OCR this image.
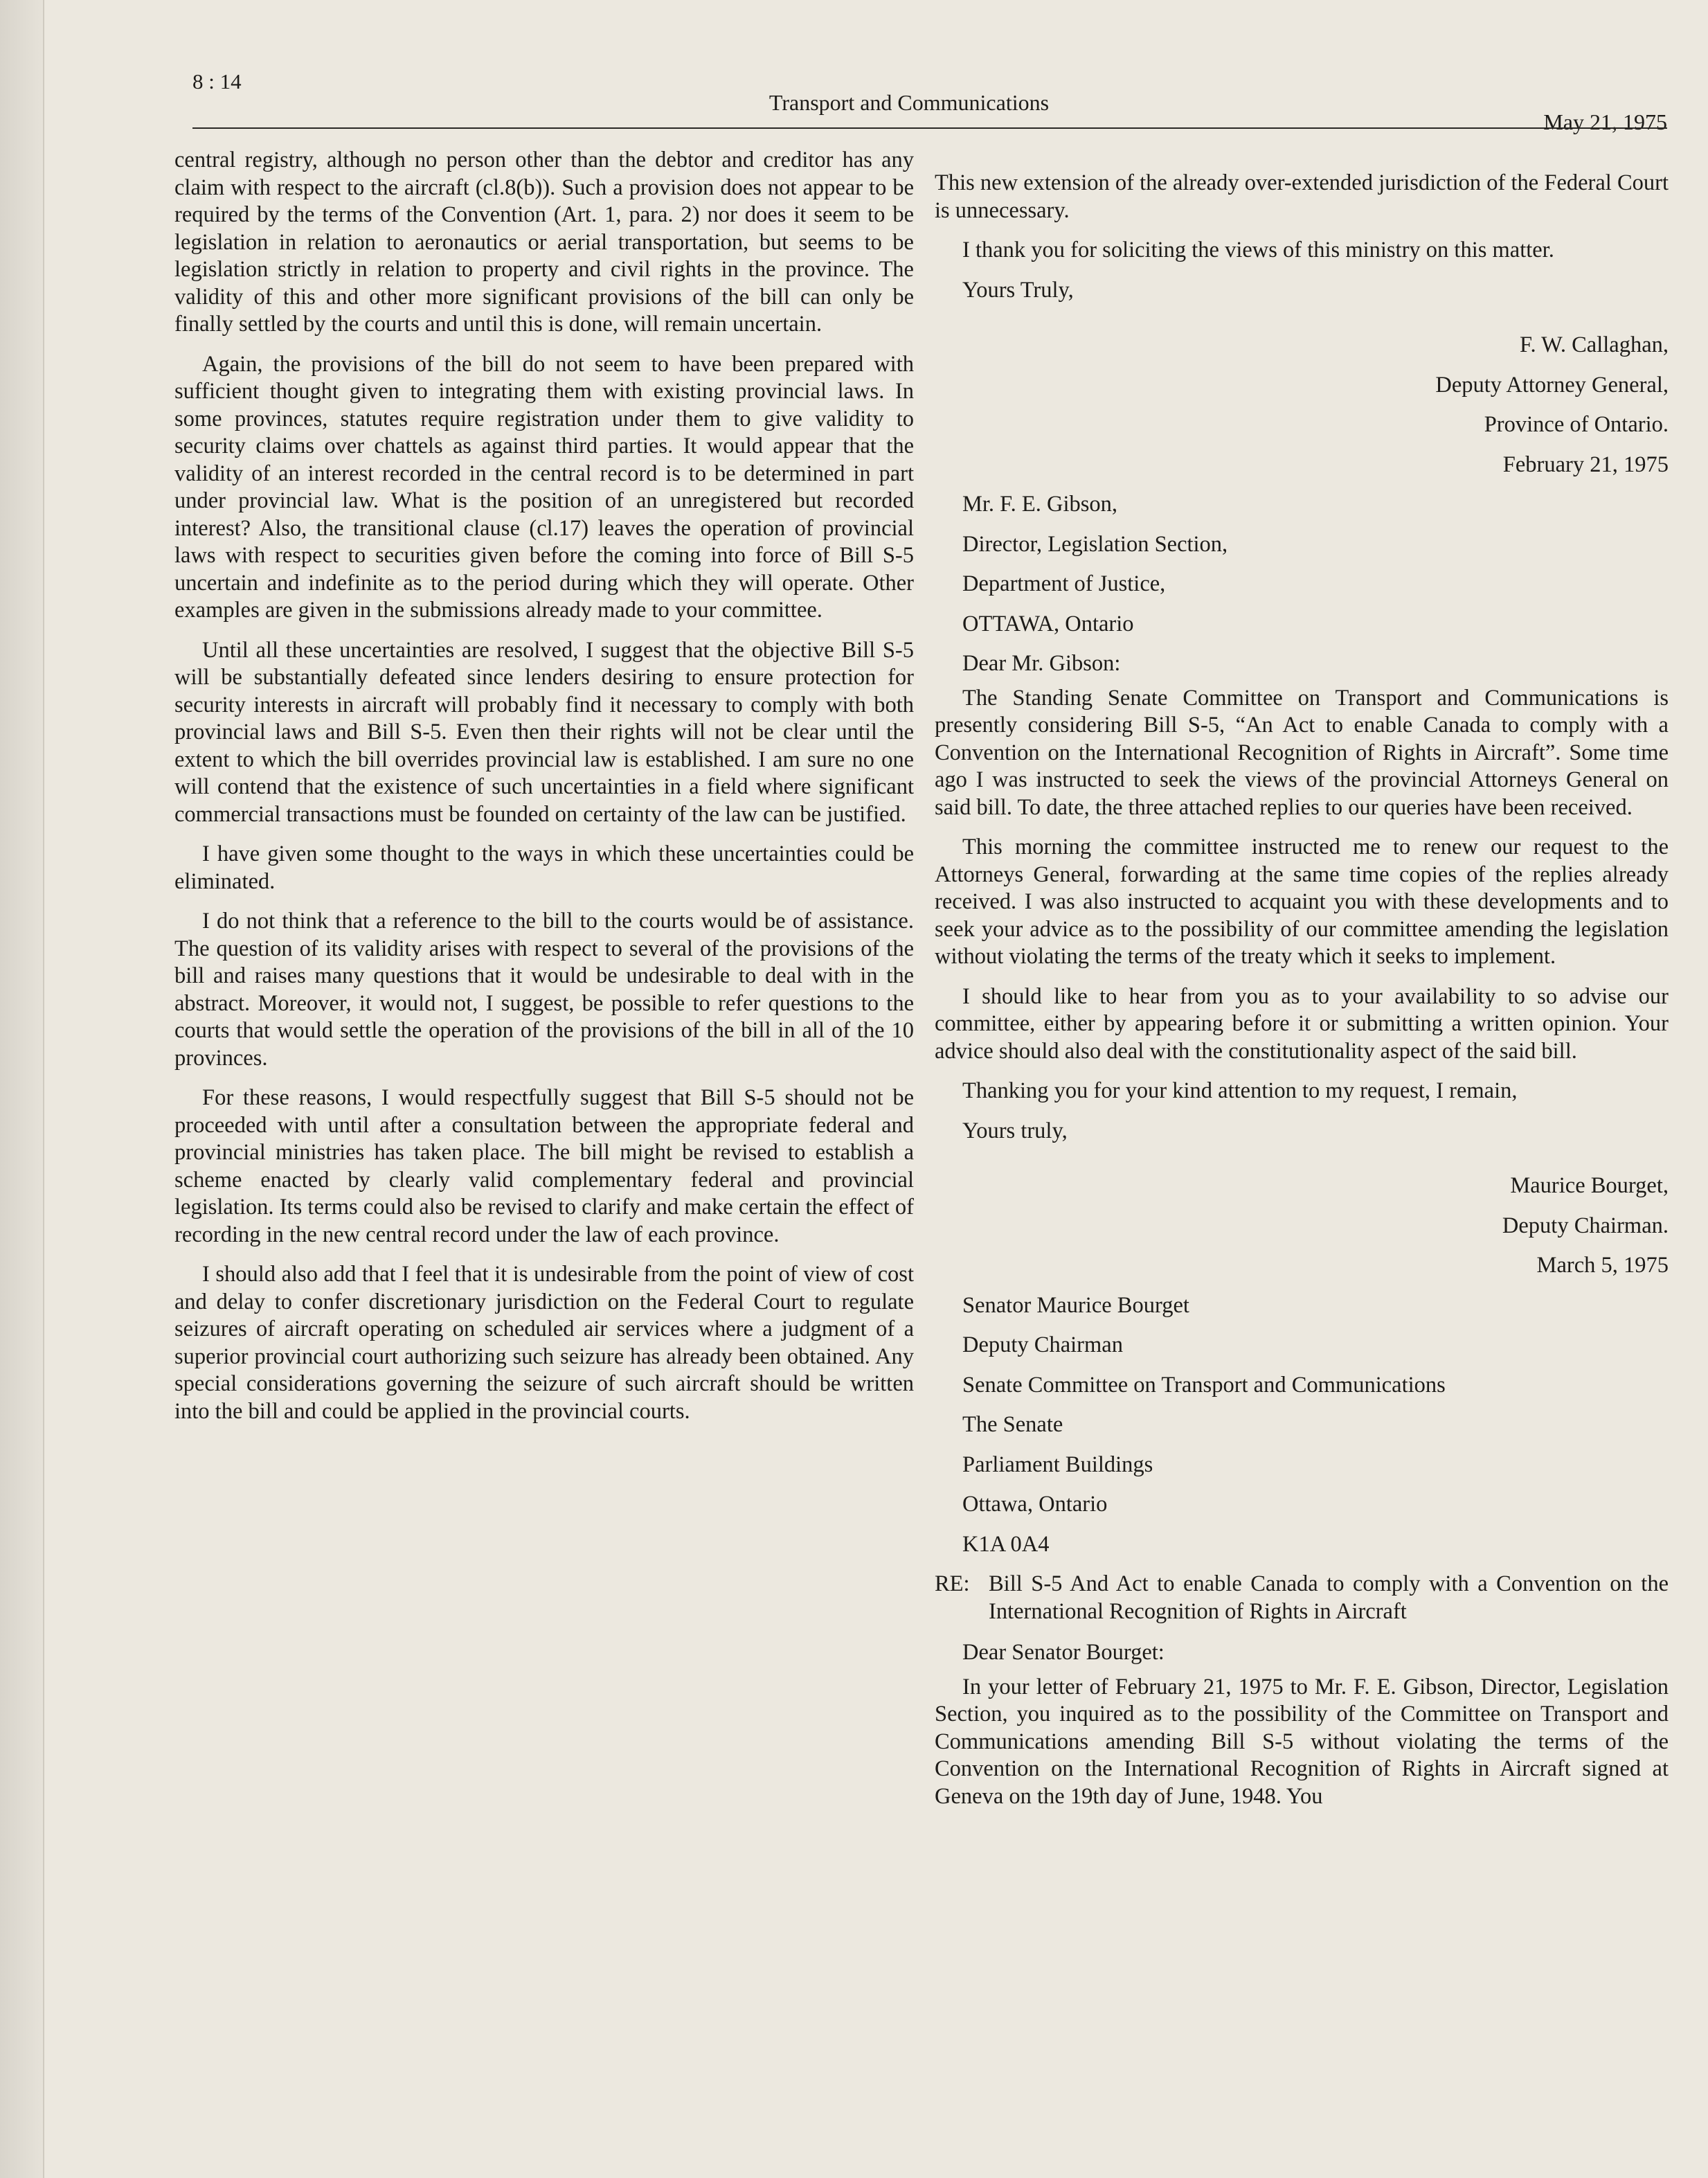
8 : 14
Transport and Communications
May 21, 1975

central registry, although no person other than the debtor and creditor has any claim with respect to the aircraft (cl.8(b)). Such a provision does not appear to be required by the terms of the Convention (Art. 1, para. 2) nor does it seem to be legislation in relation to aeronautics or aerial transportation, but seems to be legislation strictly in relation to property and civil rights in the province. The validity of this and other more significant provisions of the bill can only be finally settled by the courts and until this is done, will remain uncertain.

Again, the provisions of the bill do not seem to have been prepared with sufficient thought given to integrating them with existing provincial laws. In some provinces, statutes require registration under them to give validity to security claims over chattels as against third parties. It would appear that the validity of an interest recorded in the central record is to be determined in part under provincial law. What is the position of an unregistered but recorded interest? Also, the transitional clause (cl.17) leaves the operation of provincial laws with respect to securities given before the coming into force of Bill S-5 uncertain and indefinite as to the period during which they will operate. Other examples are given in the submissions already made to your committee.

Until all these uncertainties are resolved, I suggest that the objective Bill S-5 will be substantially defeated since lenders desiring to ensure protection for security interests in aircraft will probably find it necessary to comply with both provincial laws and Bill S-5. Even then their rights will not be clear until the extent to which the bill overrides provincial law is established. I am sure no one will contend that the existence of such uncertainties in a field where significant commercial transactions must be founded on certainty of the law can be justified.

I have given some thought to the ways in which these uncertainties could be eliminated.

I do not think that a reference to the bill to the courts would be of assistance. The question of its validity arises with respect to several of the provisions of the bill and raises many questions that it would be undesirable to deal with in the abstract. Moreover, it would not, I suggest, be possible to refer questions to the courts that would settle the operation of the provisions of the bill in all of the 10 provinces.

For these reasons, I would respectfully suggest that Bill S-5 should not be proceeded with until after a consultation between the appropriate federal and provincial ministries has taken place. The bill might be revised to establish a scheme enacted by clearly valid complementary federal and provincial legislation. Its terms could also be revised to clarify and make certain the effect of recording in the new central record under the law of each province.

I should also add that I feel that it is undesirable from the point of view of cost and delay to confer discretionary jurisdiction on the Federal Court to regulate seizures of aircraft operating on scheduled air services where a judgment of a superior provincial court authorizing such seizure has already been obtained. Any special considerations governing the seizure of such aircraft should be written into the bill and could be applied in the provincial courts.

This new extension of the already over-extended jurisdiction of the Federal Court is unnecessary.

I thank you for soliciting the views of this ministry on this matter.

Yours Truly,

F. W. Callaghan,

Deputy Attorney General,

Province of Ontario.

February 21, 1975

Mr. F. E. Gibson,

Director, Legislation Section,

Department of Justice,

OTTAWA, Ontario

Dear Mr. Gibson:

The Standing Senate Committee on Transport and Communications is presently considering Bill S-5, “An Act to enable Canada to comply with a Convention on the International Recognition of Rights in Aircraft”. Some time ago I was instructed to seek the views of the provincial Attorneys General on said bill. To date, the three attached replies to our queries have been received.

This morning the committee instructed me to renew our request to the Attorneys General, forwarding at the same time copies of the replies already received. I was also instructed to acquaint you with these developments and to seek your advice as to the possibility of our committee amending the legislation without violating the terms of the treaty which it seeks to implement.

I should like to hear from you as to your availability to so advise our committee, either by appearing before it or submitting a written opinion. Your advice should also deal with the constitutionality aspect of the said bill.

Thanking you for your kind attention to my request, I remain,

Yours truly,

Maurice Bourget,

Deputy Chairman.

March 5, 1975

Senator Maurice Bourget

Deputy Chairman

Senate Committee on Transport and Communications

The Senate

Parliament Buildings

Ottawa, Ontario

K1A 0A4

RE: Bill S-5 And Act to enable Canada to comply with a Convention on the International Recognition of Rights in Aircraft

Dear Senator Bourget:

In your letter of February 21, 1975 to Mr. F. E. Gibson, Director, Legislation Section, you inquired as to the possibility of the Committee on Transport and Communications amending Bill S-5 without violating the terms of the Convention on the International Recognition of Rights in Aircraft signed at Geneva on the 19th day of June, 1948. You
